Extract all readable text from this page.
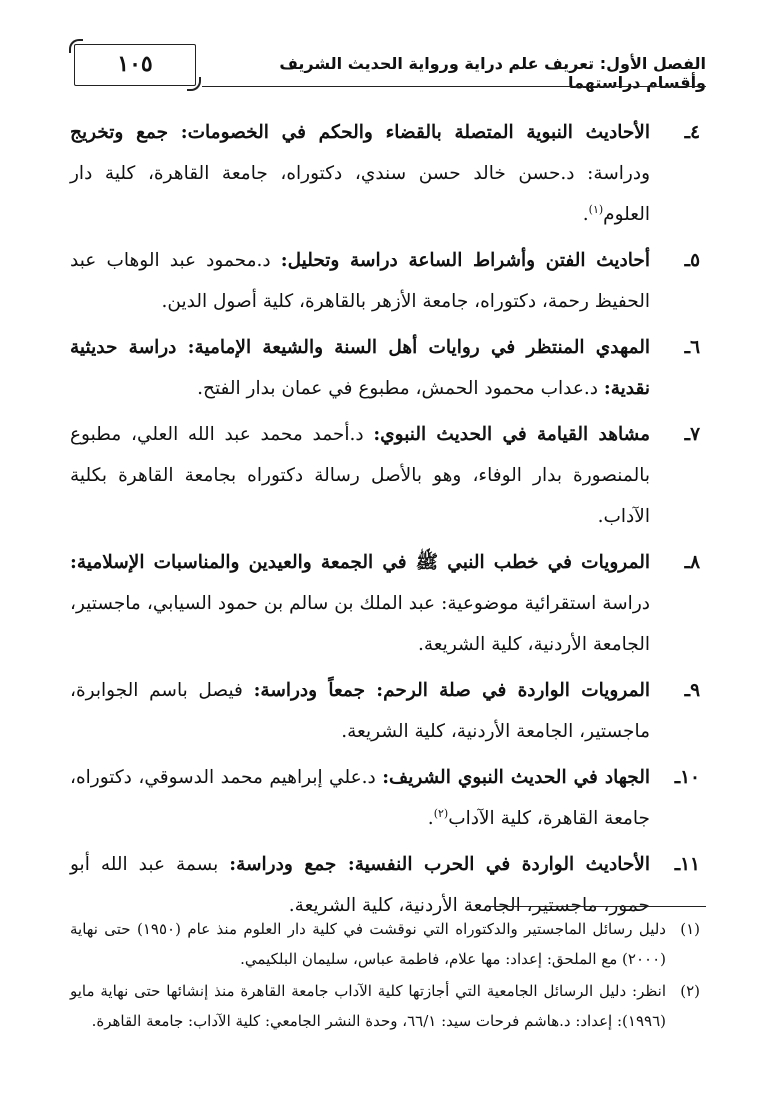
١٠٥	الفصل الأول: تعريف علم دراية ورواية الحديث الشريف وأقسام دراستهما
٤ـ
الأحاديث النبوية المتصلة بالقضاء والحكم في الخصومات: جمع وتخريج ودراسة: د.حسن خالد حسن سندي، دكتوراه، جامعة القاهرة، كلية دار العلوم$^{(١)}$.
٥ـ
أحاديث الفتن وأشراط الساعة دراسة وتحليل: د.محمود عبد الوهاب عبد الحفيظ رحمة، دكتوراه، جامعة الأزهر بالقاهرة، كلية أصول الدين.
٦ـ
المهدي المنتظر في روايات أهل السنة والشيعة الإمامية: دراسة حديثية نقدية: د.عداب محمود الحمش، مطبوع في عمان بدار الفتح.
٧ـ
مشاهد القيامة في الحديث النبوي: د.أحمد محمد عبد الله العلي، مطبوع بالمنصورة بدار الوفاء، وهو بالأصل رسالة دكتوراه بجامعة القاهرة بكلية الآداب.
٨ـ
المرويات في خطب النبي ﷺ في الجمعة والعيدين والمناسبات الإسلامية: دراسة استقرائية موضوعية: عبد الملك بن سالم بن حمود السيابي، ماجستير، الجامعة الأردنية، كلية الشريعة.
٩ـ
المرويات الواردة في صلة الرحم: جمعاً ودراسة: فيصل باسم الجوابرة، ماجستير، الجامعة الأردنية، كلية الشريعة.
١٠ـ
الجهاد في الحديث النبوي الشريف: د.علي إبراهيم محمد الدسوقي، دكتوراه، جامعة القاهرة، كلية الآداب$^{(٢)}$.
١١ـ
الأحاديث الواردة في الحرب النفسية: جمع ودراسة: بسمة عبد الله أبو حمور، ماجستير، الجامعة الأردنية، كلية الشريعة.
(١)
دليل رسائل الماجستير والدكتوراه التي نوقشت في كلية دار العلوم منذ عام (١٩٥٠) حتى نهاية (٢٠٠٠) مع الملحق: إعداد: مها علام، فاطمة عباس، سليمان البلكيمي.
(٢)
انظر: دليل الرسائل الجامعية التي أجازتها كلية الآداب جامعة القاهرة منذ إنشائها حتى نهاية مايو (١٩٩٦): إعداد: د.هاشم فرحات سيد: ٦٦/١، وحدة النشر الجامعي: كلية الآداب: جامعة القاهرة.
